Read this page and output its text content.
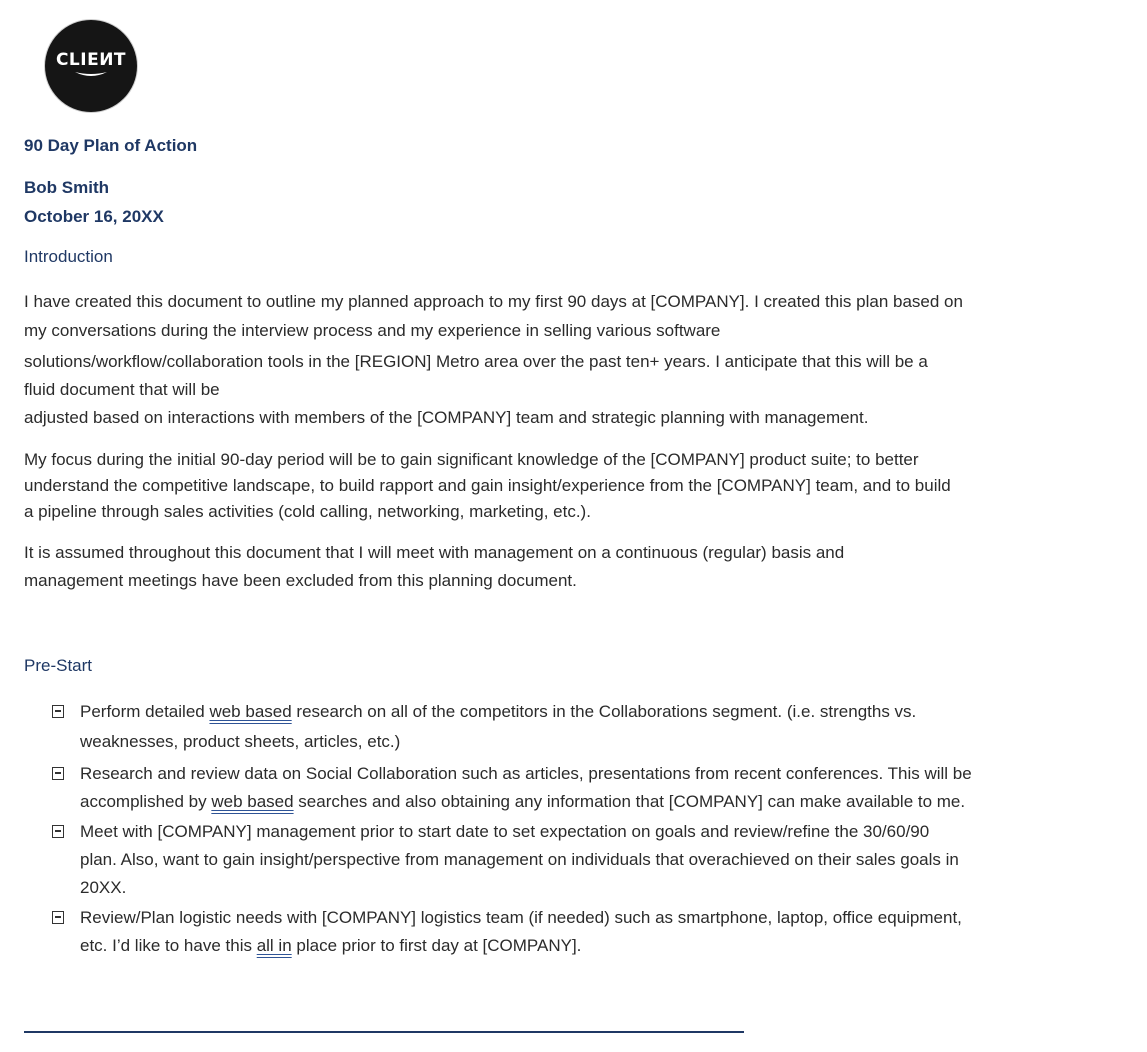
CLIEИT
90 Day Plan of Action
Bob Smith
October 16, 20XX
Introduction
I have created this document to outline my planned approach to my first 90 days at [COMPANY]. I created this plan based on
my conversations during the interview process and my experience in selling various software
solutions/workflow/collaboration tools in the [REGION] Metro area over the past ten+ years. I anticipate that this will be a
fluid document that will be
adjusted based on interactions with members of the [COMPANY] team and strategic planning with management.
My focus during the initial 90-day period will be to gain significant knowledge of the [COMPANY] product suite; to better
understand the competitive landscape, to build rapport and gain insight/experience from the [COMPANY] team, and to build
a pipeline through sales activities (cold calling, networking, marketing, etc.).
It is assumed throughout this document that I will meet with management on a continuous (regular) basis and
management meetings have been excluded from this planning document.
Pre-Start
Perform detailed web based research on all of the competitors in the Collaborations segment. (i.e. strengths vs.
weaknesses, product sheets, articles, etc.)
Research and review data on Social Collaboration such as articles, presentations from recent conferences. This will be
accomplished by web based searches and also obtaining any information that [COMPANY] can make available to me.
Meet with [COMPANY] management prior to start date to set expectation on goals and review/refine the 30/60/90
plan. Also, want to gain insight/perspective from management on individuals that overachieved on their sales goals in
20XX.
Review/Plan logistic needs with [COMPANY] logistics team (if needed) such as smartphone, laptop, office equipment,
etc. I’d like to have this all in place prior to first day at [COMPANY].
